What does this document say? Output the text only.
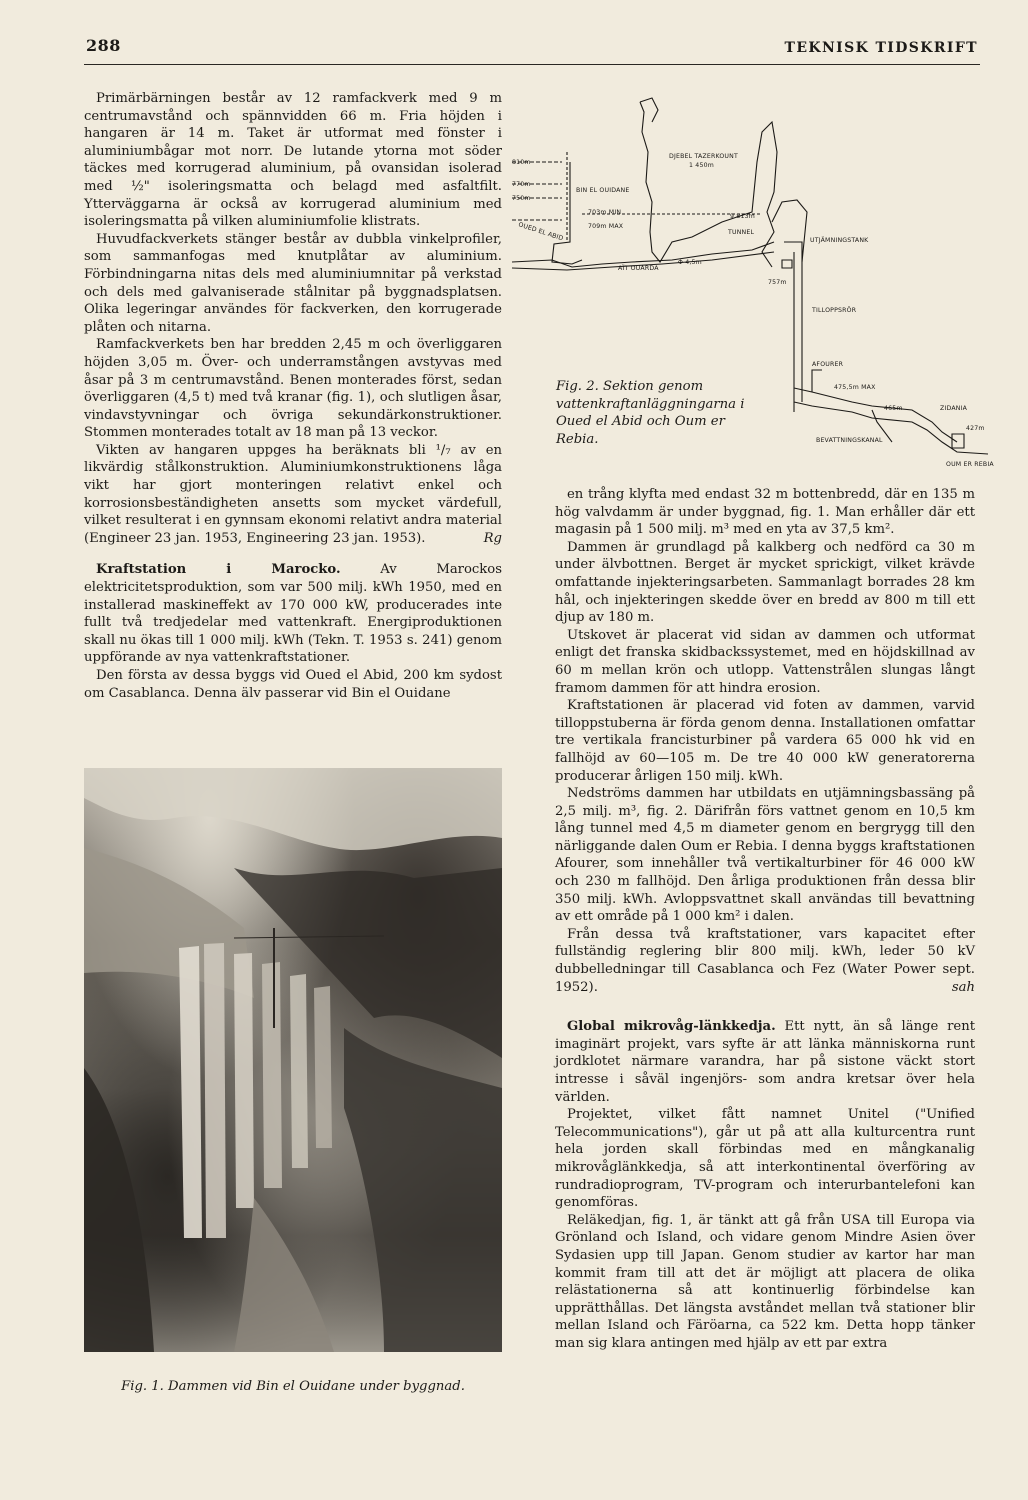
288	TEKNISK TIDSKRIFT

Primärbärningen består av 12 ramfackverk med 9 m centrumavstånd och spännvidden 66 m. Fria höjden i hangaren är 14 m. Taket är utformat med fönster i aluminiumbågar mot norr. De lutande ytorna mot söder täckes med korrugerad aluminium, på ovansidan isolerad med ½" isoleringsmatta och belagd med asfaltfilt. Ytterväggarna är också av korrugerad aluminium med isoleringsmatta på vilken aluminiumfolie klistrats.

Huvudfackverkets stänger består av dubbla vinkelprofiler, som sammanfogas med knutplåtar av aluminium. Förbindningarna nitas dels med aluminiumnitar på verkstad och dels med galvaniserade stålnitar på byggnadsplatsen. Olika legeringar användes för fackverken, den korrugerade plåten och nitarna.

Ramfackverkets ben har bredden 2,45 m och överliggaren höjden 3,05 m. Över- och underramstången avstyvas med åsar på 3 m centrumavstånd. Benen monterades först, sedan överliggaren (4,5 t) med två kranar (fig. 1), och slutligen åsar, vindavstyvningar och övriga sekundärkonstruktioner. Stommen monterades totalt av 18 man på 13 veckor.

Vikten av hangaren uppges ha beräknats bli ¹/₇ av en likvärdig stålkonstruktion. Aluminiumkonstruktionens låga vikt har gjort monteringen relativt enkel och korrosionsbeständigheten ansetts som mycket värdefull, vilket resulterat i en gynnsam ekonomi relativt andra material (Engineer 23 jan. 1953, Engineering 23 jan. 1953).	Rg

Kraftstation i Marocko.	Av Marockos elektricitetsproduktion, som var 500 milj. kWh 1950, med en installerad maskineffekt av 170 000 kW, producerades inte fullt två tredjedelar med vattenkraft. Energiproduktionen skall nu ökas till 1 000 milj. kWh (Tekn. T. 1953 s. 241) genom uppförande av nya vattenkraftstationer.

Den första av dessa byggs vid Oued el Abid, 200 km sydost om Casablanca. Denna älv passerar vid Bin el Ouidane

Fig. 1. Dammen vid Bin el Ouidane under byggnad.
DJEBEL TAZERKOUNT
1 450m
810m
770m
750m
BIN EL OUIDANE
703m MIN
709m MAX
OUED EL ABID
9 813m
TUNNEL
AÏT OUARDA
Φ 4,5m
UTJÄMNINGSTANK
757m
TILLOPPSRÖR
AFOURER
475,5m MAX
465m	ZIDANIA
427m
BEVATTNINGSKANAL
OUM ER REBIA
Fig. 2. Sektion genom vattenkraftanläggningarna i Oued el Abid och Oum er Rebia.

en trång klyfta med endast 32 m bottenbredd, där en 135 m hög valvdamm är under byggnad, fig. 1. Man erhåller där ett magasin på 1 500 milj. m³ med en yta av 37,5 km².

Dammen är grundlagd på kalkberg och nedförd ca 30 m under älvbottnen. Berget är mycket sprickigt, vilket krävde omfattande injekteringsarbeten. Sammanlagt borrades 28 km hål, och injekteringen skedde över en bredd av 800 m till ett djup av 180 m.

Utskovet är placerat vid sidan av dammen och utformat enligt det franska skidbackssystemet, med en höjdskillnad av 60 m mellan krön och utlopp. Vattenstrålen slungas långt framom dammen för att hindra erosion.

Kraftstationen är placerad vid foten av dammen, varvid tilloppstuberna är förda genom denna. Installationen omfattar tre vertikala francisturbiner på vardera 65 000 hk vid en fallhöjd av 60—105 m. De tre 40 000 kW generatorerna producerar årligen 150 milj. kWh.

Nedströms dammen har utbildats en utjämningsbassäng på 2,5 milj. m³, fig. 2. Därifrån förs vattnet genom en 10,5 km lång tunnel med 4,5 m diameter genom en bergrygg till den närliggande dalen Oum er Rebia. I denna byggs kraftstationen Afourer, som innehåller två vertikalturbiner för 46 000 kW och 230 m fallhöjd. Den årliga produktionen från dessa blir 350 milj. kWh. Avloppsvattnet skall användas till bevattning av ett område på 1 000 km² i dalen.

Från dessa två kraftstationer, vars kapacitet efter fullständig reglering blir 800 milj. kWh, leder 50 kV dubbelledningar till Casablanca och Fez (Water Power sept. 1952).	sah

Global mikrovåg-länkkedja. Ett nytt, än så länge rent imaginärt projekt, vars syfte är att länka människorna runt jordklotet närmare varandra, har på sistone väckt stort intresse i såväl ingenjörs- som andra kretsar över hela världen.

Projektet, vilket fått namnet Unitel ("Unified Telecommunications"), går ut på att alla kulturcentra runt hela jorden skall förbindas med en mångkanalig mikrovåglänkkedja, så att interkontinental överföring av rundradioprogram, TV-program och interurbantelefoni kan genomföras.

Reläkedjan, fig. 1, är tänkt att gå från USA till Europa via Grönland och Island, och vidare genom Mindre Asien över Sydasien upp till Japan. Genom studier av kartor har man kommit fram till att det är möjligt att placera de olika relästationerna så att kontinuerlig förbindelse kan upprätthållas. Det längsta avståndet mellan två stationer blir mellan Island och Färöarna, ca 522 km. Detta hopp tänker man sig klara antingen med hjälp av ett par extra
